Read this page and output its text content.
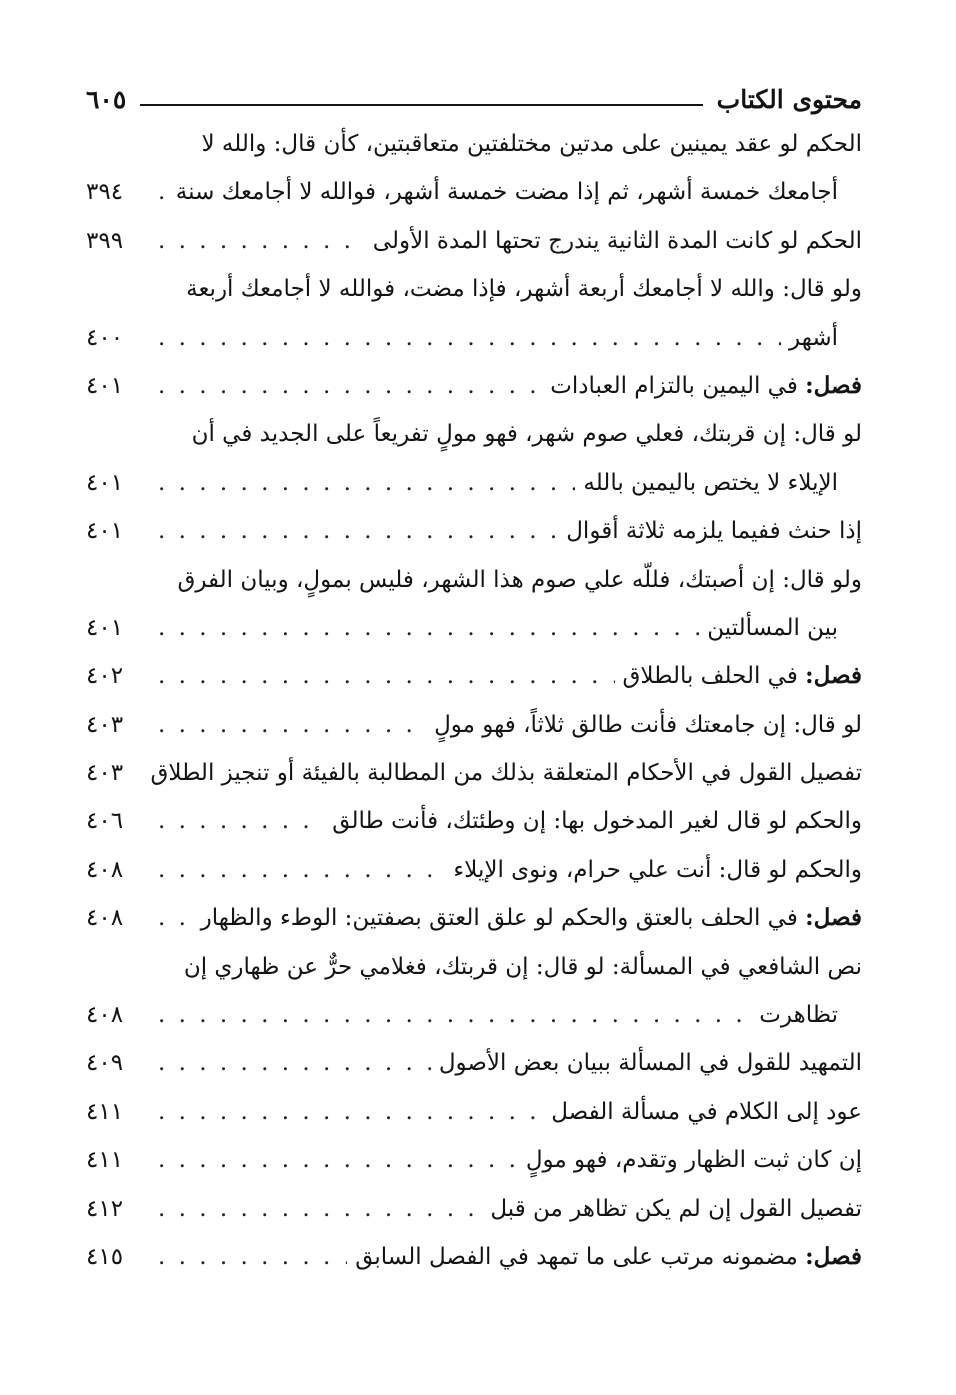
محتوى الكتاب
٦٠٥
الحكم لو عقد يمينين على مدتين مختلفتين متعاقبتين، كأن قال: والله لا
أجامعك خمسة أشهر، ثم إذا مضت خمسة أشهر، فوالله لا أجامعك سنة
. . .
٣٩٤
الحكم لو كانت المدة الثانية يندرج تحتها المدة الأولى
. . .
٣٩٩
ولو قال: والله لا أجامعك أربعة أشهر، فإذا مضت، فوالله لا أجامعك أربعة
أشهر
. . .
٤٠٠
فصل: في اليمين بالتزام العبادات
. . .
٤٠١
لو قال: إن قربتك، فعلي صوم شهر، فهو مولٍ تفريعاً على الجديد في أن
الإيلاء لا يختص باليمين بالله
. . .
٤٠١
إذا حنث ففيما يلزمه ثلاثة أقوال
. . .
٤٠١
ولو قال: إن أصبتك، فللّه علي صوم هذا الشهر، فليس بمولٍ، وبيان الفرق
بين المسألتين
. . .
٤٠١
فصل: في الحلف بالطلاق
. . .
٤٠٢
لو قال: إن جامعتك فأنت طالق ثلاثاً، فهو مولٍ
. . .
٤٠٣
تفصيل القول في الأحكام المتعلقة بذلك من المطالبة بالفيئة أو تنجيز الطلاق
٤٠٣
والحكم لو قال لغير المدخول بها: إن وطئتك، فأنت طالق
. . .
٤٠٦
والحكم لو قال: أنت علي حرام، ونوى الإيلاء
. . .
٤٠٨
فصل: في الحلف بالعتق والحكم لو علق العتق بصفتين: الوطء والظهار
. . .
٤٠٨
نص الشافعي في المسألة: لو قال: إن قربتك، فغلامي حرٌّ عن ظهاري إن
تظاهرت
. . .
٤٠٨
التمهيد للقول في المسألة ببيان بعض الأصول
. . .
٤٠٩
عود إلى الكلام في مسألة الفصل
. . .
٤١١
إن كان ثبت الظهار وتقدم، فهو مولٍ
. . .
٤١١
تفصيل القول إن لم يكن تظاهر من قبل
. . .
٤١٢
فصل: مضمونه مرتب على ما تمهد في الفصل السابق
. . .
٤١٥
